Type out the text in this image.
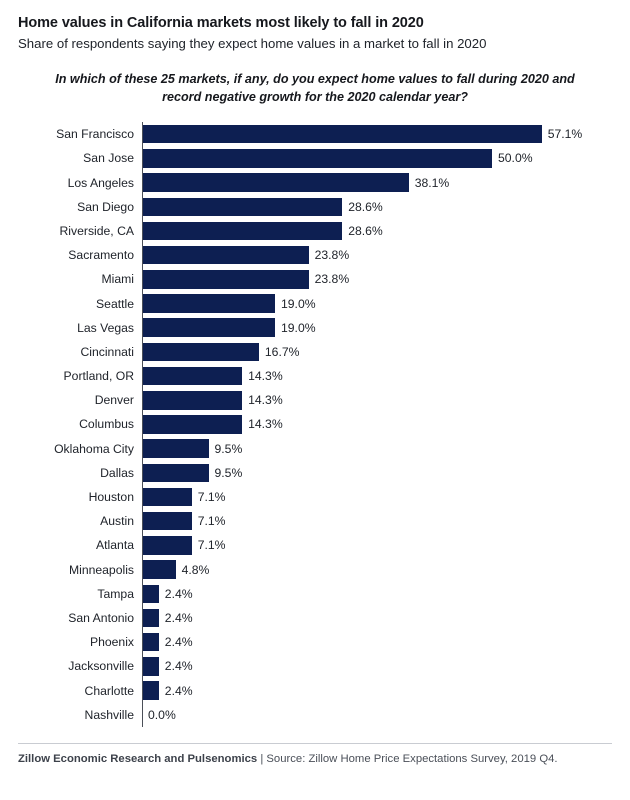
Home values in California markets most likely to fall in 2020
Share of respondents saying they expect home values in a market to fall in 2020
In which of these 25 markets, if any, do you expect home values to fall during 2020 and record negative growth for the 2020 calendar year?
San Francisco	57.1%
San Jose	50.0%
Los Angeles	38.1%
San Diego	28.6%
Riverside, CA	28.6%
Sacramento	23.8%
Miami	23.8%
Seattle	19.0%
Las Vegas	19.0%
Cincinnati	16.7%
Portland, OR	14.3%
Denver	14.3%
Columbus	14.3%
Oklahoma City	9.5%
Dallas	9.5%
Houston	7.1%
Austin	7.1%
Atlanta	7.1%
Minneapolis	4.8%
Tampa	2.4%
San Antonio	2.4%
Phoenix	2.4%
Jacksonville	2.4%
Charlotte	2.4%
Nashville	0.0%
Zillow Economic Research and Pulsenomics | Source: Zillow Home Price Expectations Survey, 2019 Q4.
